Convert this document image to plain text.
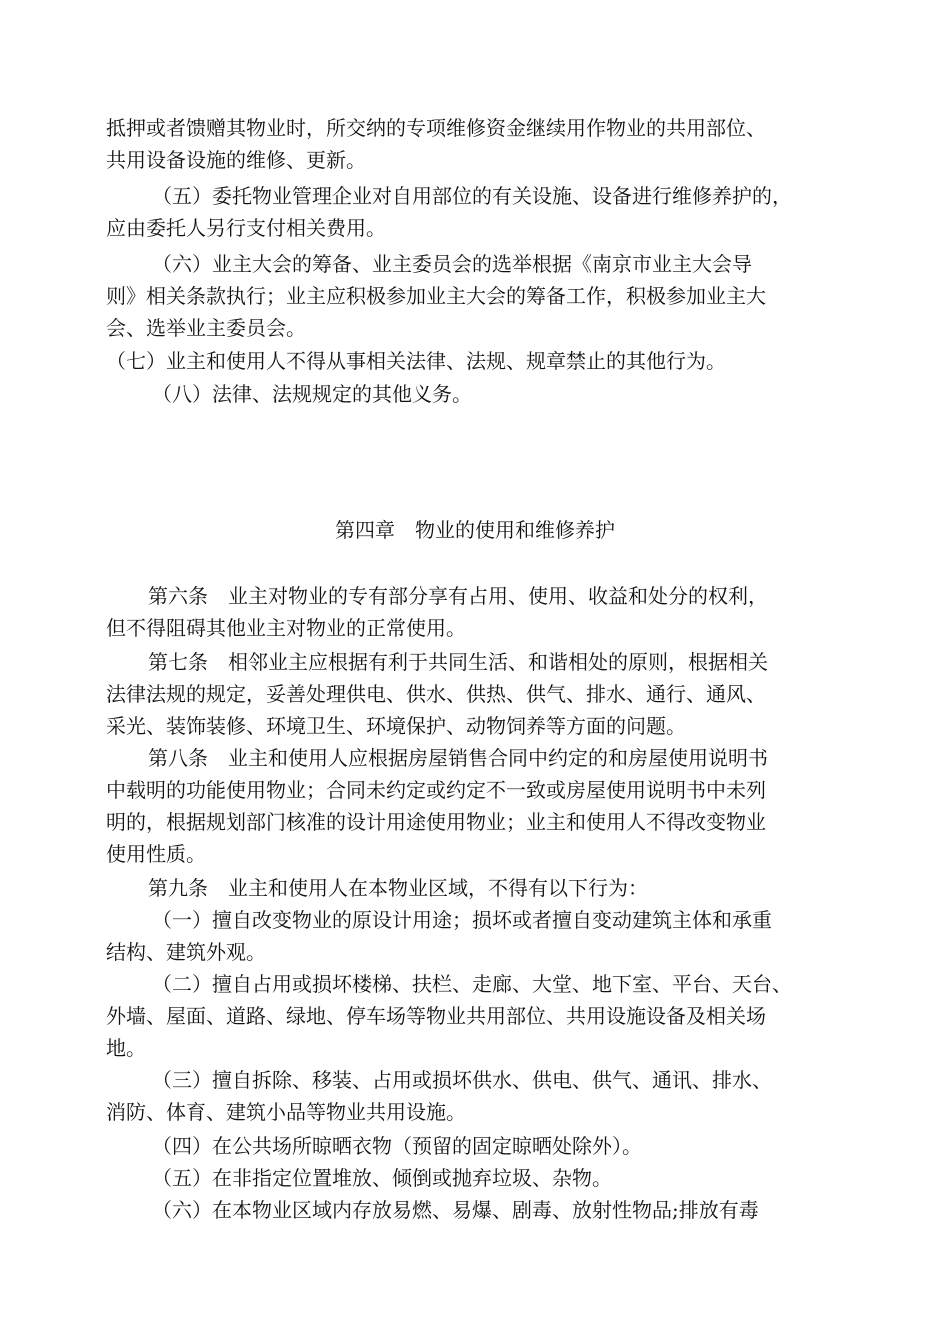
抵押或者馈赠其物业时，所交纳的专项维修资金继续用作物业的共用部位、
共用设备设施的维修、更新。
（五）委托物业管理企业对自用部位的有关设施、设备进行维修养护的，
应由委托人另行支付相关费用。
（六）业主大会的筹备、业主委员会的选举根据《南京市业主大会导
则》相关条款执行；业主应积极参加业主大会的筹备工作，积极参加业主大
会、选举业主委员会。
（七）业主和使用人不得从事相关法律、法规、规章禁止的其他行为。
（八）法律、法规规定的其他义务。
第四章　物业的使用和维修养护
第六条　业主对物业的专有部分享有占用、使用、收益和处分的权利，
但不得阻碍其他业主对物业的正常使用。
第七条　相邻业主应根据有利于共同生活、和谐相处的原则，根据相关
法律法规的规定，妥善处理供电、供水、供热、供气、排水、通行、通风、
采光、装饰装修、环境卫生、环境保护、动物饲养等方面的问题。
第八条　业主和使用人应根据房屋销售合同中约定的和房屋使用说明书
中载明的功能使用物业；合同未约定或约定不一致或房屋使用说明书中未列
明的，根据规划部门核准的设计用途使用物业；业主和使用人不得改变物业
使用性质。
第九条　业主和使用人在本物业区域，不得有以下行为：
（一）擅自改变物业的原设计用途；损坏或者擅自变动建筑主体和承重
结构、建筑外观。
（二）擅自占用或损坏楼梯、扶栏、走廊、大堂、地下室、平台、天台、
外墙、屋面、道路、绿地、停车场等物业共用部位、共用设施设备及相关场
地。
（三）擅自拆除、移装、占用或损坏供水、供电、供气、通讯、排水、
消防、体育、建筑小品等物业共用设施。
（四）在公共场所晾晒衣物（预留的固定晾晒处除外）。
（五）在非指定位置堆放、倾倒或抛弃垃圾、杂物。
（六）在本物业区域内存放易燃、易爆、剧毒、放射性物品;排放有毒
